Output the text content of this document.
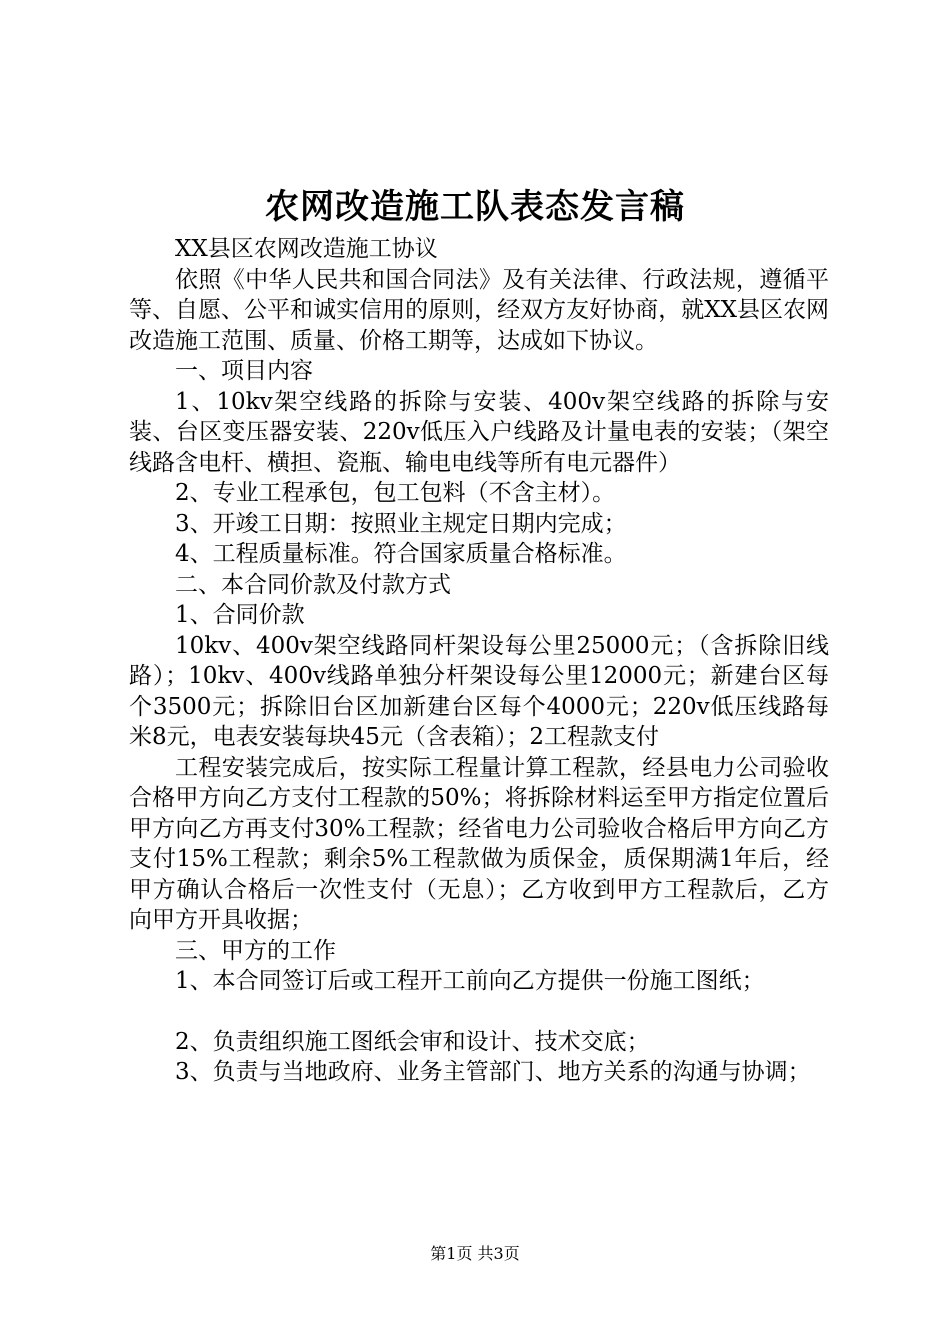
农网改造施工队表态发言稿

XX县区农网改造施工协议

依照《中华人民共和国合同法》及有关法律、行政法规，遵循平等、自愿、公平和诚实信用的原则，经双方友好协商，就XX县区农网改造施工范围、质量、价格工期等，达成如下协议。

一、项目内容

1、10kv架空线路的拆除与安装、400v架空线路的拆除与安装、台区变压器安装、220v低压入户线路及计量电表的安装；（架空线路含电杆、横担、瓷瓶、输电电线等所有电元器件）

2、专业工程承包，包工包料（不含主材）。

3、开竣工日期：按照业主规定日期内完成；

4、工程质量标准。符合国家质量合格标准。

二、本合同价款及付款方式

1、合同价款

10kv、400v架空线路同杆架设每公里25000元；（含拆除旧线路）；10kv、400v线路单独分杆架设每公里12000元；新建台区每个3500元；拆除旧台区加新建台区每个4000元；220v低压线路每米8元，电表安装每块45元（含表箱）；2工程款支付

工程安装完成后，按实际工程量计算工程款，经县电力公司验收合格甲方向乙方支付工程款的50%；将拆除材料运至甲方指定位置后甲方向乙方再支付30%工程款；经省电力公司验收合格后甲方向乙方支付15%工程款；剩余5%工程款做为质保金，质保期满1年后，经甲方确认合格后一次性支付（无息）；乙方收到甲方工程款后，乙方向甲方开具收据；

三、甲方的工作

1、本合同签订后或工程开工前向乙方提供一份施工图纸；

2、负责组织施工图纸会审和设计、技术交底；

3、负责与当地政府、业务主管部门、地方关系的沟通与协调；

第1页 共3页
